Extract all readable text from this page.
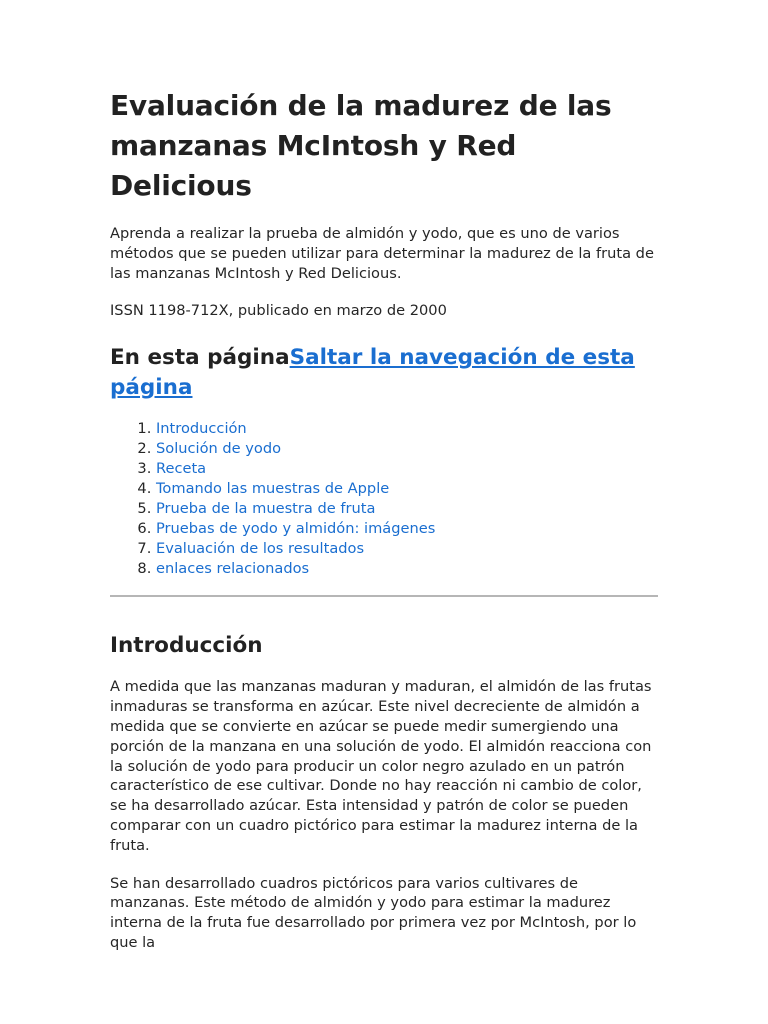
Evaluación de la madurez de las manzanas McIntosh y Red Delicious

Aprenda a realizar la prueba de almidón y yodo, que es uno de varios métodos que se pueden utilizar para determinar la madurez de la fruta de las manzanas McIntosh y Red Delicious.

ISSN 1198-712X, publicado en marzo de 2000

En esta páginaSaltar la navegación de esta página
1. Introducción
2. Solución de yodo
3. Receta
4. Tomando las muestras de Apple
5. Prueba de la muestra de fruta
6. Pruebas de yodo y almidón: imágenes
7. Evaluación de los resultados
8. enlaces relacionados
Introducción

A medida que las manzanas maduran y maduran, el almidón de las frutas inmaduras se transforma en azúcar. Este nivel decreciente de almidón a medida que se convierte en azúcar se puede medir sumergiendo una porción de la manzana en una solución de yodo. El almidón reacciona con la solución de yodo para producir un color negro azulado en un patrón característico de ese cultivar. Donde no hay reacción ni cambio de color, se ha desarrollado azúcar. Esta intensidad y patrón de color se pueden comparar con un cuadro pictórico para estimar la madurez interna de la fruta.

Se han desarrollado cuadros pictóricos para varios cultivares de manzanas. Este método de almidón y yodo para estimar la madurez interna de la fruta fue desarrollado por primera vez por McIntosh, por lo que la
